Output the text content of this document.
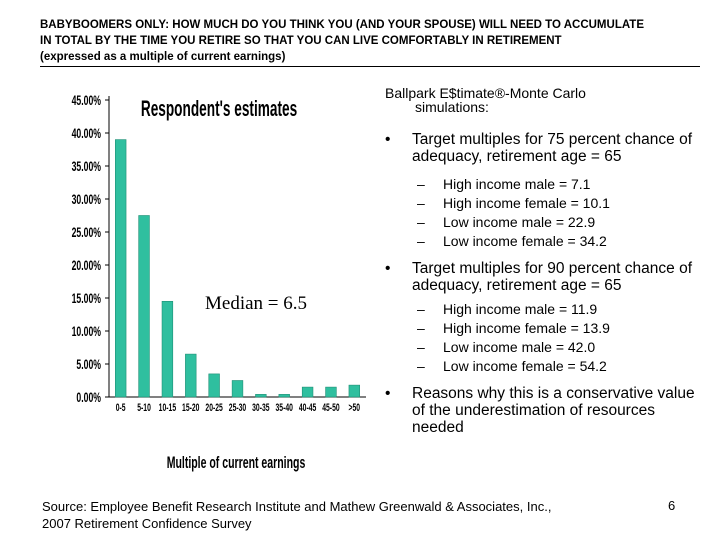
BABYBOOMERS ONLY: HOW MUCH DO YOU THINK YOU (AND YOUR SPOUSE) WILL NEED TO ACCUMULATE
IN TOTAL BY THE TIME YOU RETIRE SO THAT YOU CAN LIVE COMFORTABLY IN RETIREMENT
(expressed as a multiple of current earnings)
0.00%
5.00%
10.00%
15.00%
20.00%
25.00%
30.00%
35.00%
40.00%
45.00%
0-5 5-10 10-15 15-20 20-25 25-30 30-35 35-40 40-45 45-50 >50
Respondent's estimates
Multiple of current earnings
Median = 6.5
Ballpark E$timate®-Monte Carlo
simulations:
• Target multiples for 75 percent chance of adequacy, retirement age = 65
– High income male = 7.1
– High income female = 10.1
– Low income male = 22.9
– Low income female = 34.2
• Target multiples for 90 percent chance of adequacy, retirement age = 65
– High income male = 11.9
– High income female = 13.9
– Low income male = 42.0
– Low income female = 54.2
• Reasons why this is a conservative value of the underestimation of resources needed
Source: Employee Benefit Research Institute and Mathew Greenwald & Associates, Inc.,
2007 Retirement Confidence Survey
6
